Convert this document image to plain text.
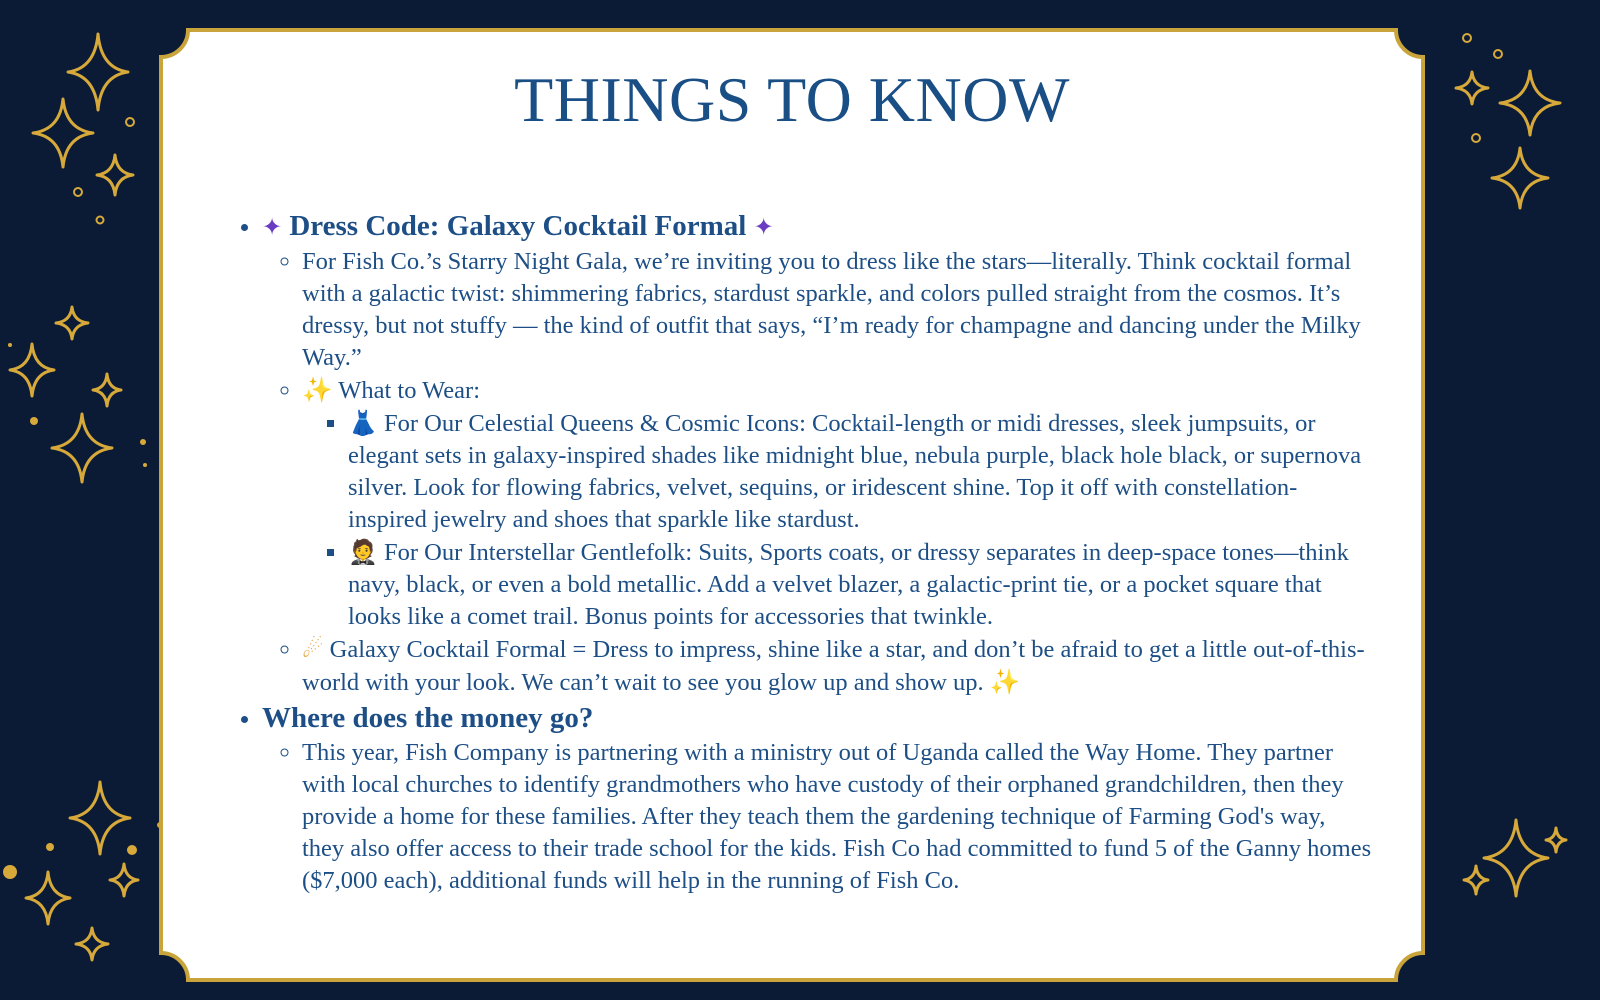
THINGS TO KNOW
• ✦ Dress Code: Galaxy Cocktail Formal ✦
◦ For Fish Co.’s Starry Night Gala, we’re inviting you to dress like the stars—literally. Think cocktail formal with a galactic twist: shimmering fabrics, stardust sparkle, and colors pulled straight from the cosmos. It’s dressy, but not stuffy — the kind of outfit that says, “I’m ready for champagne and dancing under the Milky Way.”
◦ ✨ What to Wear:
▪ 👗 For Our Celestial Queens & Cosmic Icons: Cocktail-length or midi dresses, sleek jumpsuits, or elegant sets in galaxy-inspired shades like midnight blue, nebula purple, black hole black, or supernova silver. Look for flowing fabrics, velvet, sequins, or iridescent shine. Top it off with constellation-inspired jewelry and shoes that sparkle like stardust.
▪ 🤵 For Our Interstellar Gentlefolk: Suits, Sports coats, or dressy separates in deep-space tones—think navy, black, or even a bold metallic. Add a velvet blazer, a galactic-print tie, or a pocket square that looks like a comet trail. Bonus points for accessories that twinkle.
◦ ☄ Galaxy Cocktail Formal = Dress to impress, shine like a star, and don’t be afraid to get a little out-of-this-world with your look. We can’t wait to see you glow up and show up. ✨
• Where does the money go?
◦ This year, Fish Company is partnering with a ministry out of Uganda called the Way Home. They partner with local churches to identify grandmothers who have custody of their orphaned grandchildren, then they provide a home for these families. After they teach them the gardening technique of Farming God's way, they also offer access to their trade school for the kids. Fish Co had committed to fund 5 of the Ganny homes ($7,000 each), additional funds will help in the running of Fish Co.
